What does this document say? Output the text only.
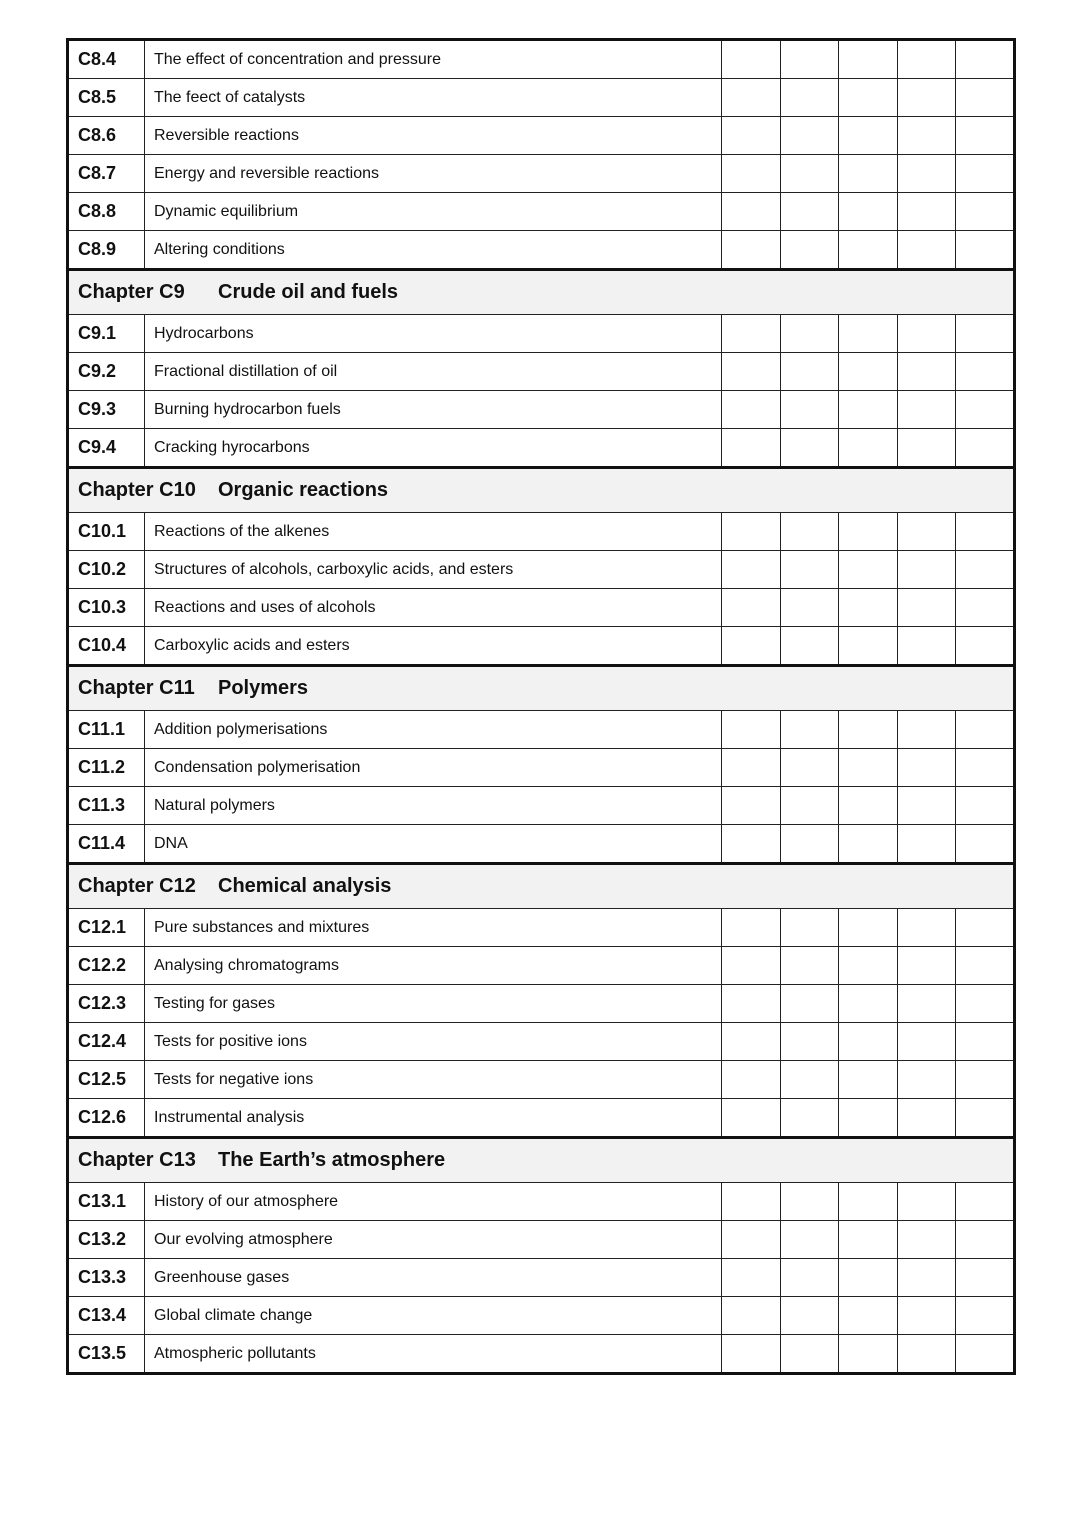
C8.4	The effect of concentration and pressure					
C8.5	The feect of catalysts					
C8.6	Reversible reactions					
C8.7	Energy and reversible reactions					
C8.8	Dynamic equilibrium					
C8.9	Altering conditions					
Chapter C9 Crude oil and fuels						
C9.1	Hydrocarbons					
C9.2	Fractional distillation of oil					
C9.3	Burning hydrocarbon fuels					
C9.4	Cracking hyrocarbons					
Chapter C10 Organic reactions						
C10.1	Reactions of the alkenes					
C10.2	Structures of alcohols, carboxylic acids, and esters					
C10.3	Reactions and uses of alcohols					
C10.4	Carboxylic acids and esters					
Chapter C11 Polymers						
C11.1	Addition polymerisations					
C11.2	Condensation polymerisation					
C11.3	Natural polymers					
C11.4	DNA					
Chapter C12 Chemical analysis						
C12.1	Pure substances and mixtures					
C12.2	Analysing chromatograms					
C12.3	Testing for gases					
C12.4	Tests for positive ions					
C12.5	Tests for negative ions					
C12.6	Instrumental analysis					
Chapter C13 The Earth’s atmosphere						
C13.1	History of our atmosphere					
C13.2	Our evolving atmosphere					
C13.3	Greenhouse gases					
C13.4	Global climate change					
C13.5	Atmospheric pollutants					
